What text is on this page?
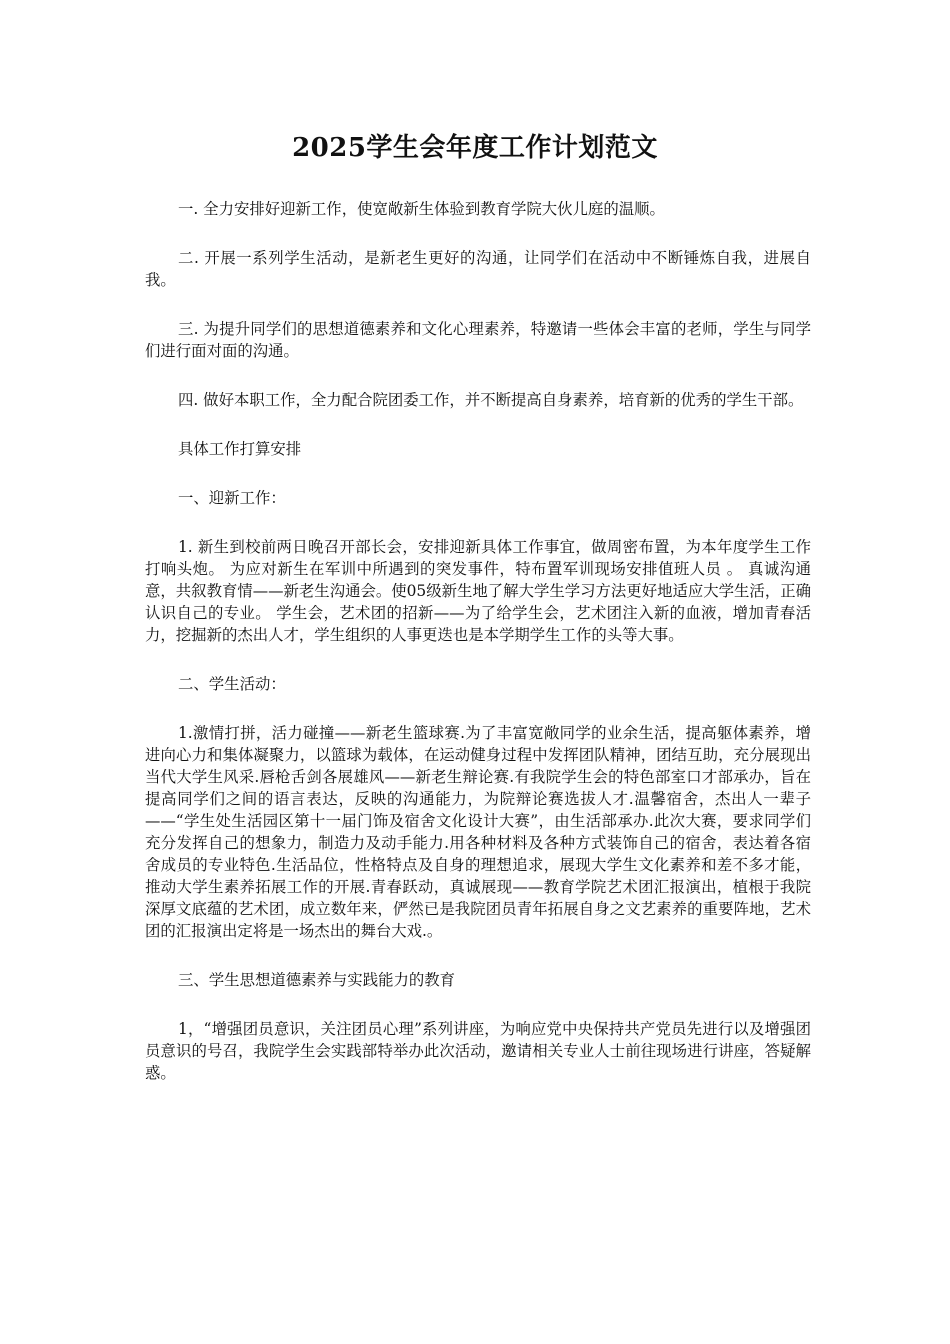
2025学生会年度工作计划范文

一. 全力安排好迎新工作，使宽敞新生体验到教育学院大伙儿庭的温顺。

二. 开展一系列学生活动，是新老生更好的沟通，让同学们在活动中不断锤炼自我，进展自我。

三. 为提升同学们的思想道德素养和文化心理素养，特邀请一些体会丰富的老师，学生与同学们进行面对面的沟通。

四. 做好本职工作，全力配合院团委工作，并不断提高自身素养，培育新的优秀的学生干部。

具体工作打算安排

一、迎新工作：

1. 新生到校前两日晚召开部长会，安排迎新具体工作事宜，做周密布置，为本年度学生工作打响头炮。 为应对新生在军训中所遇到的突发事件，特布置军训现场安排值班人员 。 真诚沟通意，共叙教育情——新老生沟通会。使05级新生地了解大学生学习方法更好地适应大学生活，正确认识自己的专业。 学生会，艺术团的招新——为了给学生会，艺术团注入新的血液，增加青春活力，挖掘新的杰出人才，学生组织的人事更迭也是本学期学生工作的头等大事。

二、学生活动：

1.激情打拼，活力碰撞——新老生篮球赛.为了丰富宽敞同学的业余生活，提高躯体素养，增进向心力和集体凝聚力，以篮球为载体，在运动健身过程中发挥团队精神，团结互助，充分展现出当代大学生风采.唇枪舌剑各展雄风——新老生辩论赛.有我院学生会的特色部室口才部承办，旨在提高同学们之间的语言表达，反映的沟通能力，为院辩论赛选拔人才.温馨宿舍，杰出人一辈子——“学生处生活园区第十一届门饰及宿舍文化设计大赛”，由生活部承办.此次大赛，要求同学们充分发挥自己的想象力，制造力及动手能力.用各种材料及各种方式装饰自己的宿舍，表达着各宿舍成员的专业特色.生活品位，性格特点及自身的理想追求，展现大学生文化素养和差不多才能，推动大学生素养拓展工作的开展.青春跃动，真诚展现——教育学院艺术团汇报演出，植根于我院深厚文底蕴的艺术团，成立数年来，俨然已是我院团员青年拓展自身之文艺素养的重要阵地，艺术团的汇报演出定将是一场杰出的舞台大戏.。

三、学生思想道德素养与实践能力的教育

1，“增强团员意识，关注团员心理”系列讲座，为响应党中央保持共产党员先进行以及增强团员意识的号召，我院学生会实践部特举办此次活动，邀请相关专业人士前往现场进行讲座，答疑解惑。
